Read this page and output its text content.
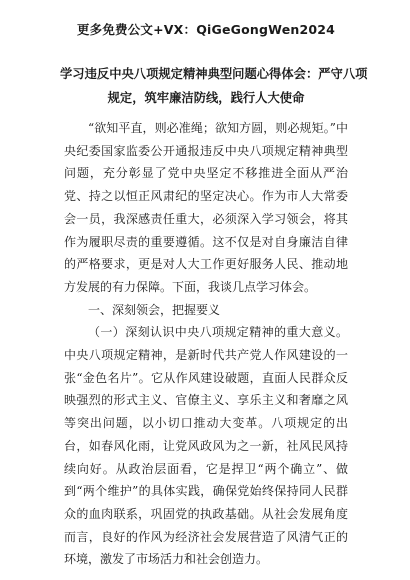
更多免费公文+VX：QiGeGongWen2024
学习违反中央八项规定精神典型问题心得体会：严守八项
规定，筑牢廉洁防线，践行人大使命

“欲知平直，则必准绳；欲知方圆，则必规矩。”中央纪委国家监委公开通报违反中央八项规定精神典型问题，充分彰显了党中央坚定不移推进全面从严治党、持之以恒正风肃纪的坚定决心。作为市人大常委会一员，我深感责任重大，必须深入学习领会，将其作为履职尽责的重要遵循。这不仅是对自身廉洁自律的严格要求，更是对人大工作更好服务人民、推动地方发展的有力保障。下面，我谈几点学习体会。

一、深刻领会，把握要义

（一）深刻认识中央八项规定精神的重大意义。中央八项规定精神，是新时代共产党人作风建设的一张“金色名片”。它从作风建设破题，直面人民群众反映强烈的形式主义、官僚主义、享乐主义和奢靡之风等突出问题，以小切口推动大变革。八项规定的出台，如春风化雨，让党风政风为之一新，社风民风持续向好。从政治层面看，它是捍卫“两个确立”、做到“两个维护”的具体实践，确保党始终保持同人民群众的血肉联系，巩固党的执政基础。从社会发展角度而言，良好的作风为经济社会发展营造了风清气正的环境，激发了市场活力和社会创造力。
